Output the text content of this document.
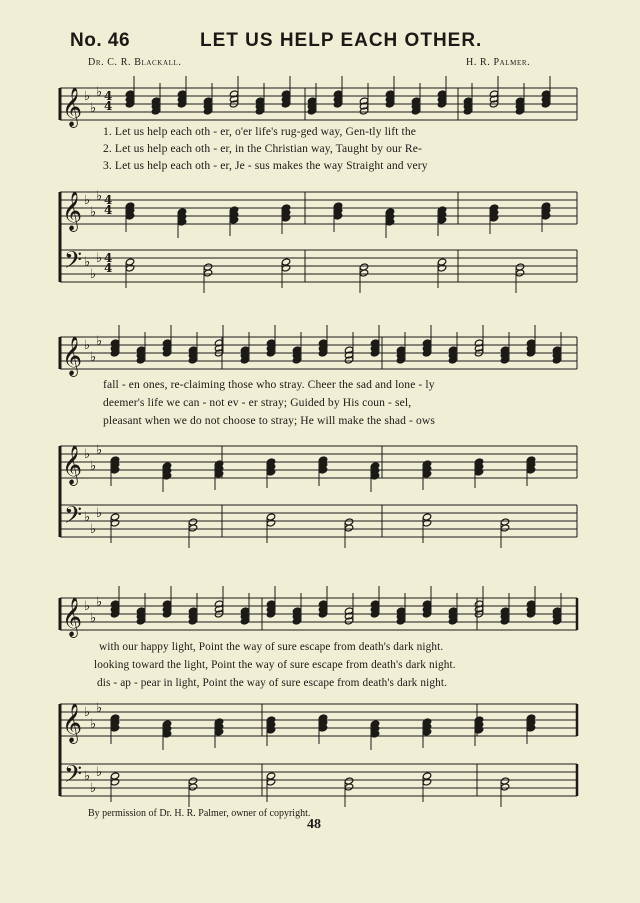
No. 46	LET US HELP EACH OTHER.
Dr. C. R. Blackall.	H. R. Palmer.
𝄞
𝄞
𝄢
♭
♭
♭
♭
♭
♭
♭
♭
♭
4
4
4
4
4
4
𝄞
𝄞
𝄢
♭
♭
♭
♭
♭
♭
♭
♭
♭
𝄞
𝄞
𝄢
♭
♭
♭
♭
♭
♭
♭
♭
♭
1. Let us help each oth - er, o'er life's rug-ged way, Gen-tly lift the
2. Let us help each oth - er, in the Christian way, Taught by our Re-
3. Let us help each oth - er, Je - sus makes the way Straight and very
fall - en ones, re-claiming those who stray. Cheer the sad and lone - ly
deemer's life we can - not ev - er stray; Guided by His coun - sel,
pleasant when we do not choose to stray; He will make the shad - ows
with our happy light, Point the way of sure escape from death's dark night.
looking toward the light, Point the way of sure escape from death's dark night.
dis - ap - pear in light, Point the way of sure escape from death's dark night.
By permission of Dr. H. R. Palmer, owner of copyright.
48
